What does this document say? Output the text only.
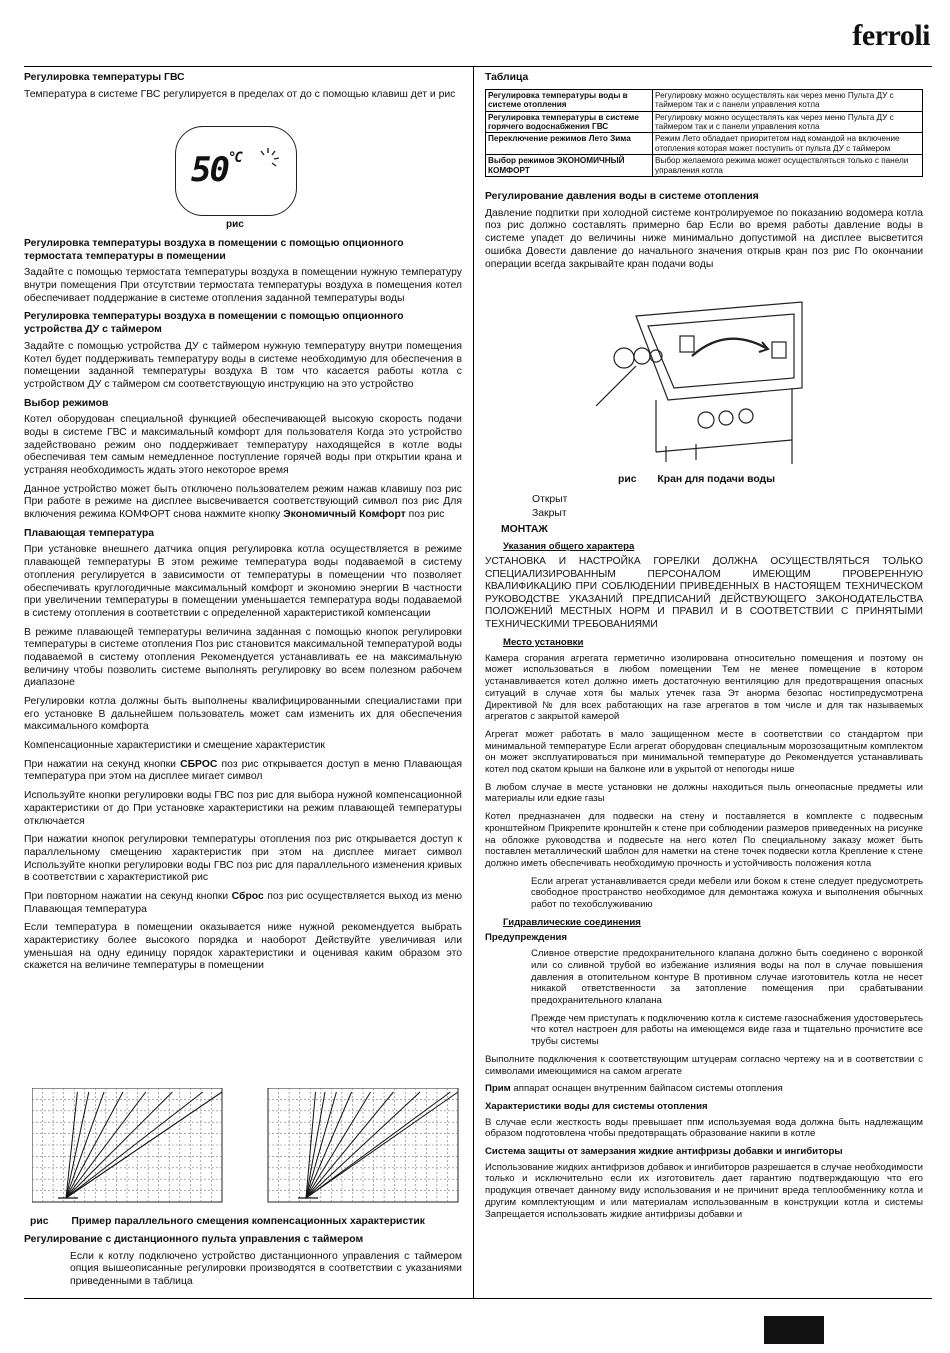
ferroli
Регулировка температуры ГВС

Температура в системе ГВС регулируется в пределах от до с помощью клавиш дет и рис

$50^{^\circ C}$
рис
Регулировка температуры воздуха в помещении с помощью опционного термостата температуры в помещении

Задайте с помощью термостата температуры воздуха в помещении нужную температуру внутри помещения При отсутствии термостата температуры воздуха в помещения котел обеспечивает поддержание в системе отопления заданной температуры воды

Регулировка температуры воздуха в помещении с помощью опционного устройства ДУ с таймером

Задайте с помощью устройства ДУ с таймером нужную температуру внутри помещения Котел будет поддерживать температуру воды в системе необходимую для обеспечения в помещении заданной температуры воздуха В том что касается работы котла с устройством ДУ с таймером см соответствующую инструкцию на это устройство

Выбор режимов

Котел оборудован специальной функцией обеспечивающей высокую скорость подачи воды в системе ГВС и максимальный комфорт для пользователя Когда это устройство задействовано режим оно поддерживает температуру находящейся в котле воды обеспечивая тем самым немедленное поступление горячей воды при открытии крана и устраняя необходимость ждать этого некоторое время

Данное устройство может быть отключено пользователем режим нажав клавишу поз рис При работе в режиме на дисплее высвечивается соответствующий символ поз рис Для включения режима КОМФОРТ снова нажмите кнопку Экономичный Комфорт поз рис

Плавающая температура

При установке внешнего датчика опция регулировка котла осуществляется в режиме плавающей температуры В этом режиме температура воды подаваемой в систему отопления регулируется в зависимости от температуры в помещении что позволяет обеспечивать круглогодичные максимальный комфорт и экономию энергии В частности при увеличении температуры в помещении уменьшается температура воды подаваемой в систему отопления в соответствии с определенной характеристикой компенсации

В режиме плавающей температуры величина заданная с помощью кнопок регулировки температуры в системе отопления Поз рис становится максимальной температурой воды подаваемой в систему отопления Рекомендуется устанавливать ее на максимальную величину чтобы позволить системе выполнять регулировку во всем полезном рабочем диапазоне

Регулировки котла должны быть выполнены квалифицированными специалистами при его установке В дальнейшем пользователь может сам изменить их для обеспечения максимального комфорта

Компенсационные характеристики и смещение характеристик

При нажатии на секунд кнопки СБРОС поз рис открывается доступ в меню Плавающая температура при этом на дисплее мигает символ

Используйте кнопки регулировки воды ГВС поз рис для выбора нужной компенсационной характеристики от до При установке характеристики на режим плавающей температуры отключается

При нажатии кнопок регулировки температуры отопления поз рис открывается доступ к параллельному смещению характеристик при этом на дисплее мигает символ Используйте кнопки регулировки воды ГВС поз рис для параллельного изменения кривых в соответствии с характеристикой рис

При повторном нажатии на секунд кнопки Сброс поз рис осуществляется выход из меню Плавающая температура

Если температура в помещении оказывается ниже нужной рекомендуется выбрать характеристику более высокого порядка и наоборот Действуйте увеличивая или уменьшая на одну единицу порядок характеристики и оценивая каким образом это скажется на величине температуры в помещении

рис Пример параллельного смещения компенсационных характеристик
Регулирование с дистанционного пульта управления с таймером

Если к котлу подключено устройство дистанционного управления с таймером опция вышеописанные регулировки производятся в соответствии с указаниями приведенными в таблица

Таблица
Регулировка температуры воды в системе отопления	Регулировку можно осуществлять как через меню Пульта ДУ с таймером так и с панели управления котла
Регулировка температуры в системе горячего водоснабжения ГВС	Регулировку можно осуществлять как через меню Пульта ДУ с таймером так и с панели управления котла
Переключение режимов Лето Зима	Режим Лето обладает приоритетом над командой на включение отопления которая может поступить от пульта ДУ с таймером
Выбор режимов ЭКОНОМИЧНЫЙ КОМФОРТ	Выбор желаемого режима может осуществляться только с панели управления котла
Регулирование давления воды в системе отопления

Давление подпитки при холодной системе контролируемое по показанию водомера котла поз рис должно составлять примерно бар Если во время работы давление воды в системе упадет до величины ниже минимально допустимой на дисплее высветится ошибка Довести давление до начального значения открыв кран поз рис По окончании операции всегда закрывайте кран подачи воды

рис Кран для подачи воды
Открыт
Закрыт
МОНТАЖ
Указания общего характера

УСТАНОВКА И НАСТРОЙКА ГОРЕЛКИ ДОЛЖНА ОСУЩЕСТВЛЯТЬСЯ ТОЛЬКО СПЕЦИАЛИЗИРОВАННЫМ ПЕРСОНАЛОМ ИМЕЮЩИМ ПРОВЕРЕННУЮ КВАЛИФИКАЦИЮ ПРИ СОБЛЮДЕНИИ ПРИВЕДЕННЫХ В НАСТОЯЩЕМ ТЕХНИЧЕСКОМ РУКОВОДСТВЕ УКАЗАНИЙ ПРЕДПИСАНИЙ ДЕЙСТВУЮЩЕГО ЗАКОНОДАТЕЛЬСТВА ПОЛОЖЕНИЙ МЕСТНЫХ НОРМ И ПРАВИЛ И В СООТВЕТСТВИИ С ПРИНЯТЫМИ ТЕХНИЧЕСКИМИ ТРЕБОВАНИЯМИ

Место установки

Камера сгорания агрегата герметично изолирована относительно помещения и поэтому он может использоваться в любом помещении Тем не менее помещение в котором устанавливается котел должно иметь достаточную вентиляцию для предотвращения опасных ситуаций в случае хотя бы малых утечек газа Эт анорма безопас ностипредусмотрена Директивой № для всех работающих на газе агрегатов в том числе и для так называемых агрегатов с закрытой камерой

Агрегат может работать в мало защищенном месте в соответствии со стандартом при минимальной температуре Если агрегат оборудован специальным морозозащитным комплектом он может эксплуатироваться при минимальной температуре до Рекомендуется устанавливать котел под скатом крыши на балконе или в укрытой от непогоды нише

В любом случае в месте установки не должны находиться пыль огнеопасные предметы или материалы или едкие газы

Котел предназначен для подвески на стену и поставляется в комплекте с подвесным кронштейном Прикрепите кронштейн к стене при соблюдении размеров приведенных на рисунке на обложке руководства и подвесьте на него котел По специальному заказу может быть поставлен металлический шаблон для наметки на стене точек подвески котла Крепление к стене должно иметь обеспечивать необходимую прочность и устойчивость положения котла

Если агрегат устанавливается среди мебели или боком к стене следует предусмотреть свободное пространство необходимое для демонтажа кожуха и выполнения обычных работ по техобслуживанию

Гидравлические соединения
Предупреждения

Сливное отверстие предохранительного клапана должно быть соединено с воронкой или со сливной трубой во избежание излияния воды на пол в случае повышения давления в отопительном контуре В противном случае изготовитель котла не несет никакой ответственности за затопление помещения при срабатывании предохранительного клапана

Прежде чем приступать к подключению котла к системе газоснабжения удостоверьтесь что котел настроен для работы на имеющемся виде газа и тщательно прочистите все трубы системы

Выполните подключения к соответствующим штуцерам согласно чертежу на и в соответствии с символами имеющимися на самом агрегате

Прим аппарат оснащен внутренним байпасом системы отопления

Характеристики воды для системы отопления

В случае если жесткость воды превышает ппм используемая вода должна быть надлежащим образом подготовлена чтобы предотвращать образование накипи в котле

Система защиты от замерзания жидкие антифризы добавки и ингибиторы

Использование жидких антифризов добавок и ингибиторов разрешается в случае необходимости только и исключительно если их изготовитель дает гарантию подтверждающую что его продукция отвечает данному виду использования и не причинит вреда теплообменнику котла и другим комплектующим и или материалам использованным в конструкции котла и системы Запрещается использовать жидкие антифризы добавки и
